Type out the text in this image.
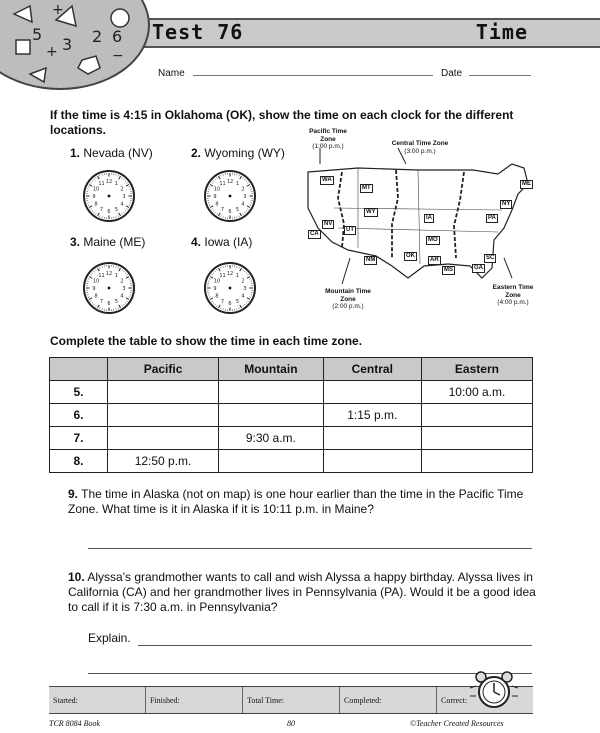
5
+
3 2 6
+	−
Test 76	Time
Name	Date
If the time is 4:15 in Oklahoma (OK), show the time on each clock for the different locations.
1. Nevada (NV)	2. Wyoming (WY)
3. Maine (ME)	4. Iowa (IA)
1
2
3
4
5
6
7
8
9
10
11 12	1
2
3
4
5
6
7
8
9
10
11 12
1
2
3
4
5
6
7
8
9
10
11 12	1
2
3
4
5
6
7
8
9
10
11 12
Pacific Time Zone
(1:00 p.m.)	Central Time Zone
(3:00 p.m.)
Mountain Time Zone
(2:00 p.m.)
Eastern Time Zone
(4:00 p.m.)
WA
MT
WY
NV
UT
CA
NM
OK
IA
MO
AR
MS	GA
SC
PA
NY
ME
Complete the table to show the time in each time zone.
	Pacific	Mountain	Central	Eastern
5.				10:00 a.m.
6.			1:15 p.m.	
7.		9:30 a.m.		
8.	12:50 p.m.			
9. The time in Alaska (not on map) is one hour earlier than the time in the Pacific Time Zone. What time is it in Alaska if it is 10:11 p.m. in Maine?
10. Alyssa's grandmother wants to call and wish Alyssa a happy birthday. Alyssa lives in California (CA) and her grandmother lives in Pennsylvania (PA). Would it be a good idea to call if it is 7:30 a.m. in Pennsylvania?
Explain.
Started:	Finished:	Total Time:	Completed:	Correct:
TCR 8084 Book	80	©Teacher Created Resources
